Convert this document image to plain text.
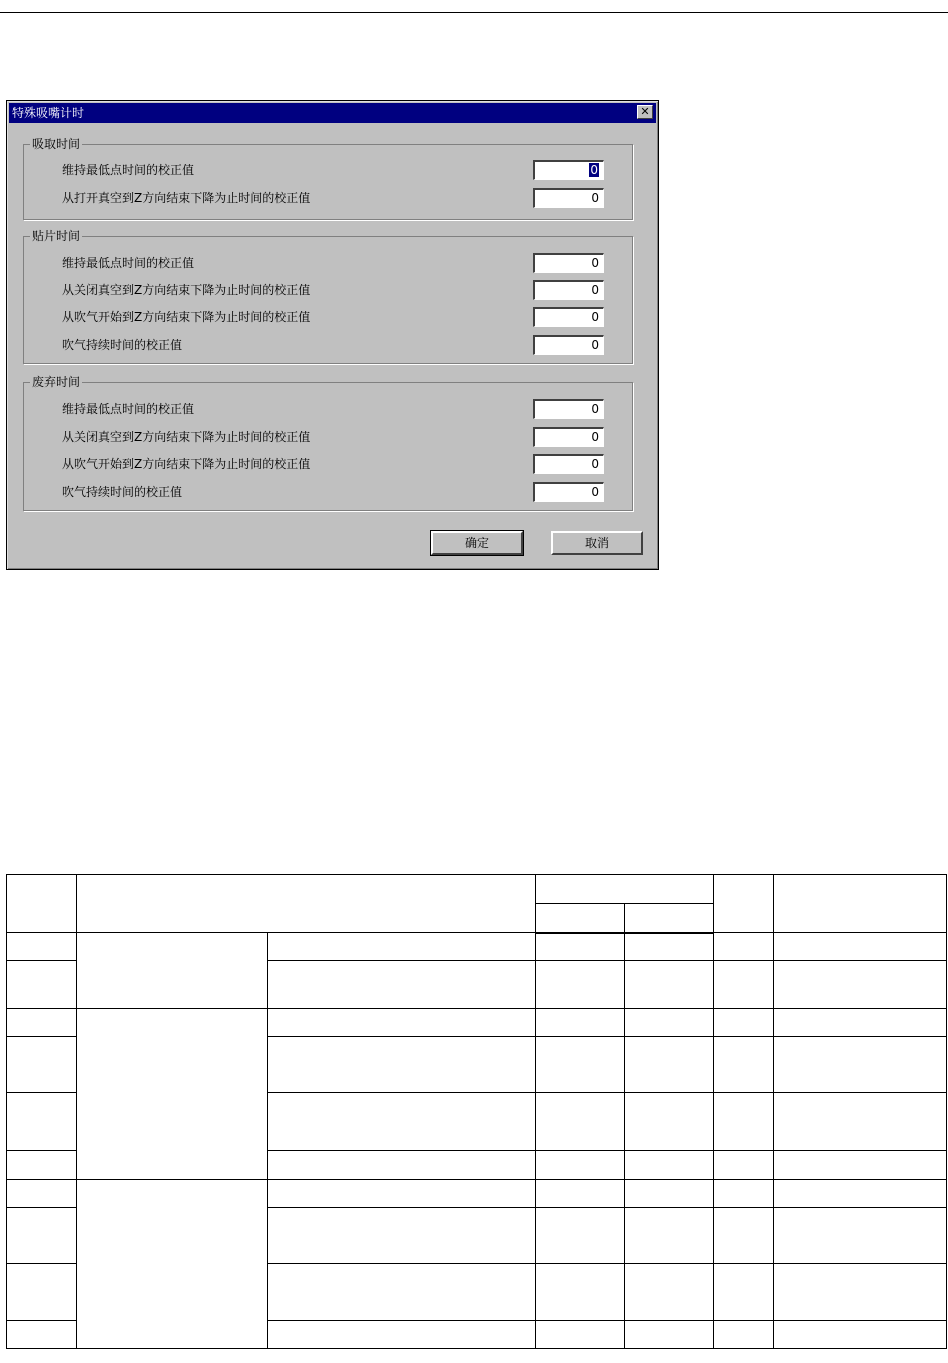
特殊吸嘴计时	✕
吸取时间
维持最低点时间的校正值	0
从打开真空到Z方向结束下降为止时间的校正值	0
贴片时间
维持最低点时间的校正值	0
从关闭真空到Z方向结束下降为止时间的校正值	0
从吹气开始到Z方向结束下降为止时间的校正值	0
吹气持续时间的校正值	0
废弃时间
维持最低点时间的校正值	0
从关闭真空到Z方向结束下降为止时间的校正值	0
从吹气开始到Z方向结束下降为止时间的校正值	0
吹气持续时间的校正值	0
确定	取消
